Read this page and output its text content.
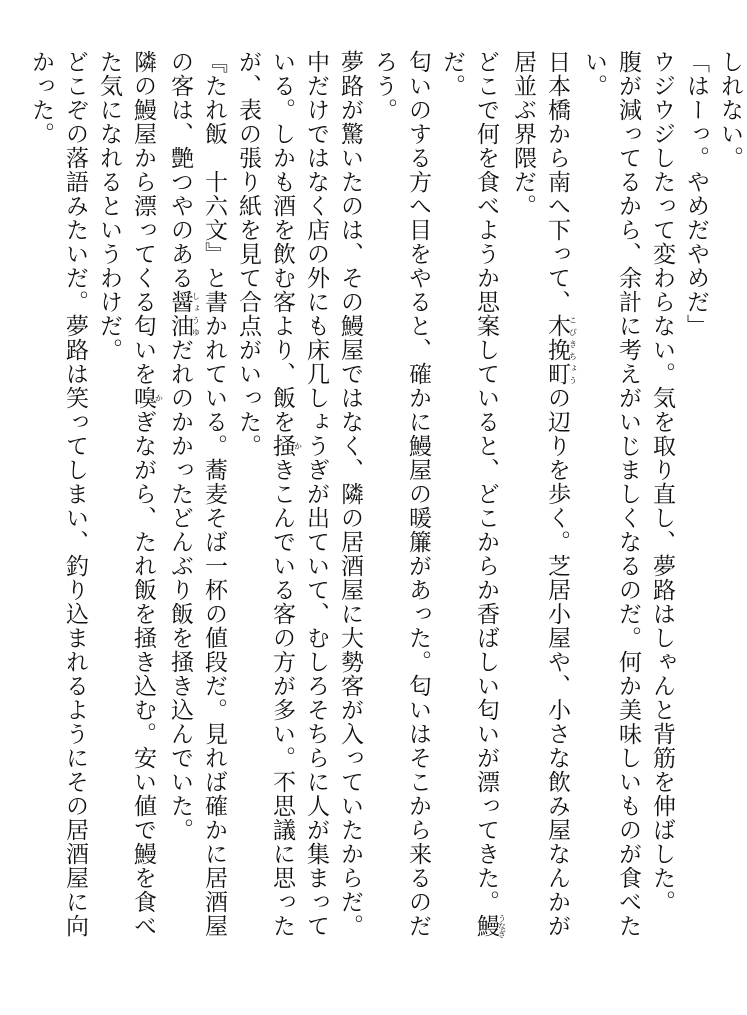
しれない。

「はーっ。やめだやめだ」

ウジウジしたって変わらない。気を取り直し、夢路はしゃんと背筋を伸ばした。

腹が減ってるから、余計に考えがいじましくなるのだ。何か美味しいものが食べたい。

日本橋から南へ下って、木挽町こびきちょうの辺りを歩く。芝居小屋や、小さな飲み屋なんかが居並ぶ界隈だ。

どこで何を食べようか思案していると、どこからか香ばしい匂いが漂ってきた。鰻うなぎだ。

匂いのする方へ目をやると、確かに鰻屋の暖簾があった。匂いはそこから来るのだろう。

夢路が驚いたのは、その鰻屋ではなく、隣の居酒屋に大勢客が入っていたからだ。

中だけではなく店の外にも床几しょうぎが出ていて、むしろそちらに人が集まっている。しかも酒を飲む客より、飯を掻かきこんでいる客の方が多い。不思議に思ったが、表の張り紙を見て合点がいった。

『たれ飯　十六文』と書かれている。蕎麦そば一杯の値段だ。見れば確かに居酒屋の客は、艶つやのある醤油しょうゆだれのかかったどんぶり飯を掻き込んでいた。

隣の鰻屋から漂ってくる匂いを嗅かぎながら、たれ飯を掻き込む。安い値で鰻を食べた気になれるというわけだ。

どこぞの落語みたいだ。夢路は笑ってしまい、釣り込まれるようにその居酒屋に向かった。
